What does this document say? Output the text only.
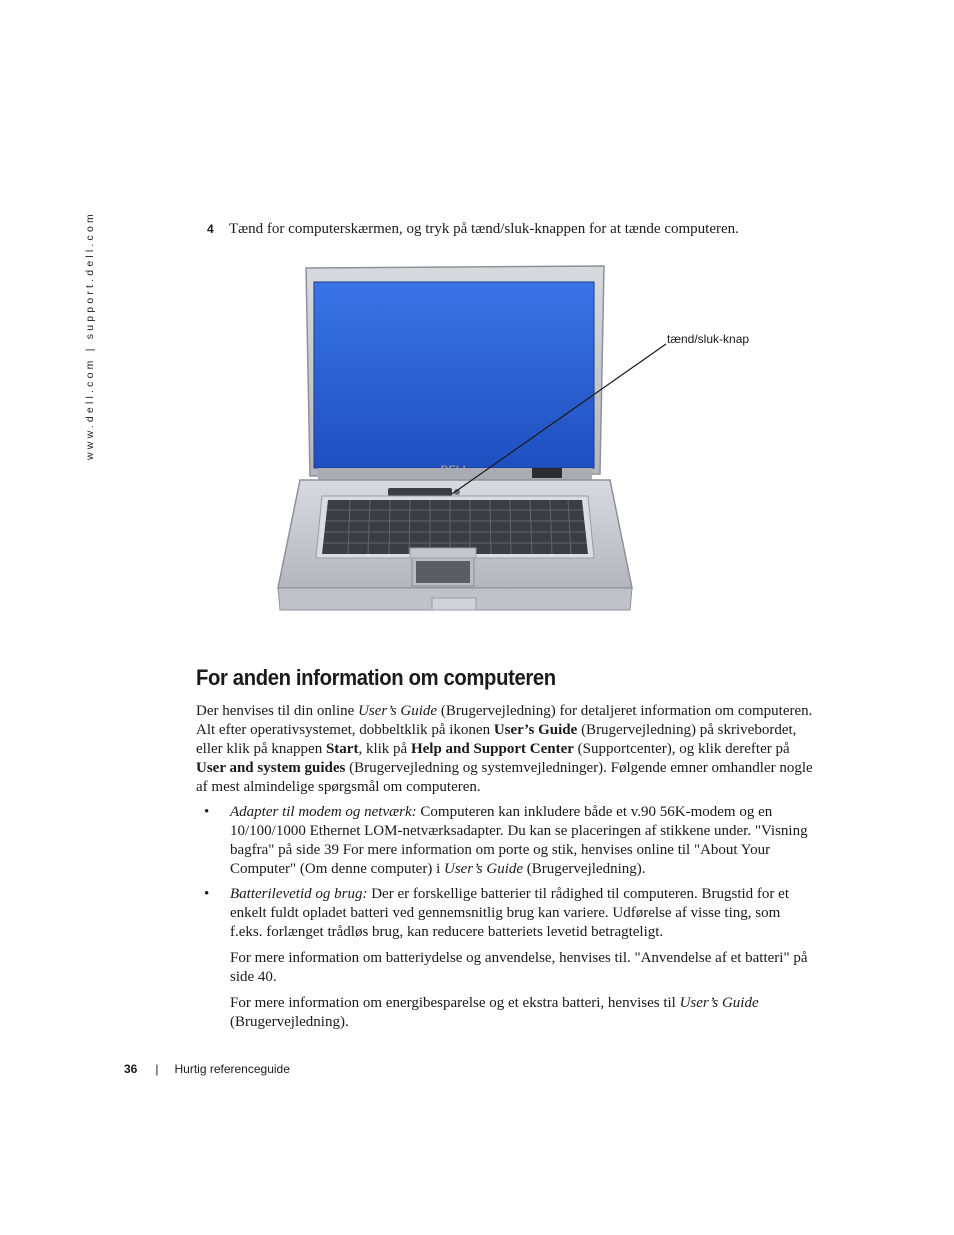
www.dell.com | support.dell.com	4 Tænd for computerskærmen, og tryk på tænd/sluk-knappen for at tænde computeren.
tænd/sluk-knap
For anden information om computeren

Der henvises til din online User’s Guide (Brugervejledning) for detaljeret information om computeren. Alt efter operativsystemet, dobbeltklik på ikonen User’s Guide (Brugervejledning) på skrivebordet, eller klik på knappen Start, klik på Help and Support Center (Supportcenter), og klik derefter på User and system guides (Brugervejledning og systemvejledninger). Følgende emner omhandler nogle af mest almindelige spørgsmål om computeren.

• Adapter til modem og netværk: Computeren kan inkludere både et v.90 56K-modem og en 10/100/1000 Ethernet LOM-netværksadapter. Du kan se placeringen af stikkene under. "Visning bagfra" på side 39 For mere information om porte og stik, henvises online til "About Your Computer" (Om denne computer) i User’s Guide (Brugervejledning).

• Batterilevetid og brug: Der er forskellige batterier til rådighed til computeren. Brugstid for et enkelt fuldt opladet batteri ved gennemsnitlig brug kan variere. Udførelse af visse ting, som f.eks. forlænget trådløs brug, kan reducere batteriets levetid betragteligt.

For mere information om batteriydelse og anvendelse, henvises til. "Anvendelse af et batteri" på side 40.

For mere information om energibesparelse og et ekstra batteri, henvises til User’s Guide (Brugervejledning).

36 | Hurtig referenceguide
